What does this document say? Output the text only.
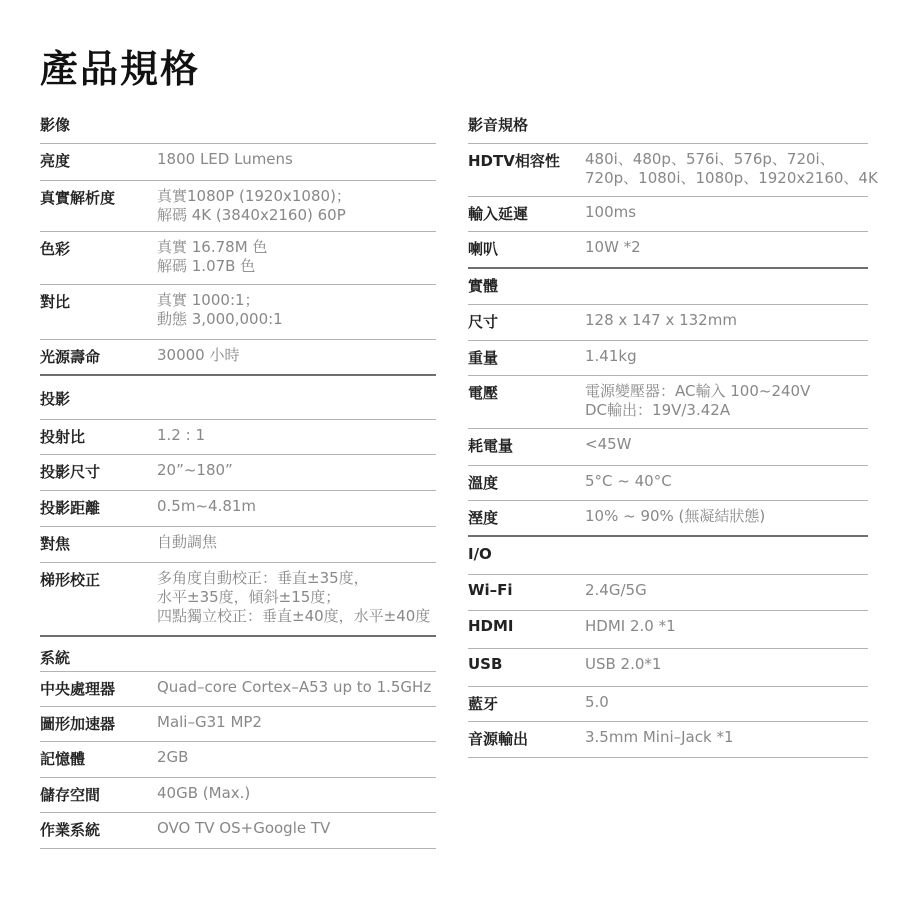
產品規格
影像
亮度	1800 LED Lumens
真實解析度	真實1080P (1920x1080)；
解碼 4K (3840x2160) 60P
色彩	真實 16.78M 色
解碼 1.07B 色
對比	真實 1000:1；
動態 3,000,000:1
光源壽命	30000 小時
投影
投射比	1.2 : 1
投影尺寸	20”~180”
投影距離	0.5m~4.81m
對焦	自動調焦
梯形校正	多角度自動校正：垂直±35度，
水平±35度，傾斜±15度；
四點獨立校正：垂直±40度，水平±40度
系統
中央處理器	Quad–core Cortex–A53 up to 1.5GHz
圖形加速器	Mali–G31 MP2
記憶體	2GB
儲存空間	40GB (Max.)
作業系統	OVO TV OS+Google TV
影音規格
HDTV相容性 480i、480p、576i、576p、720i、
720p、1080i、1080p、1920x2160、4K
輸入延遲	100ms
喇叭	10W *2
實體
尺寸	128 x 147 x 132mm
重量	1.41kg
電壓	電源變壓器：AC輸入 100~240V
DC輸出：19V/3.42A
耗電量	<45W
溫度	5°C ~ 40°C
溼度	10% ~ 90% (無凝結狀態)
I/O
Wi–Fi	2.4G/5G
HDMI	HDMI 2.0 *1
USB	USB 2.0*1
藍牙	5.0
音源輸出	3.5mm Mini–Jack *1
